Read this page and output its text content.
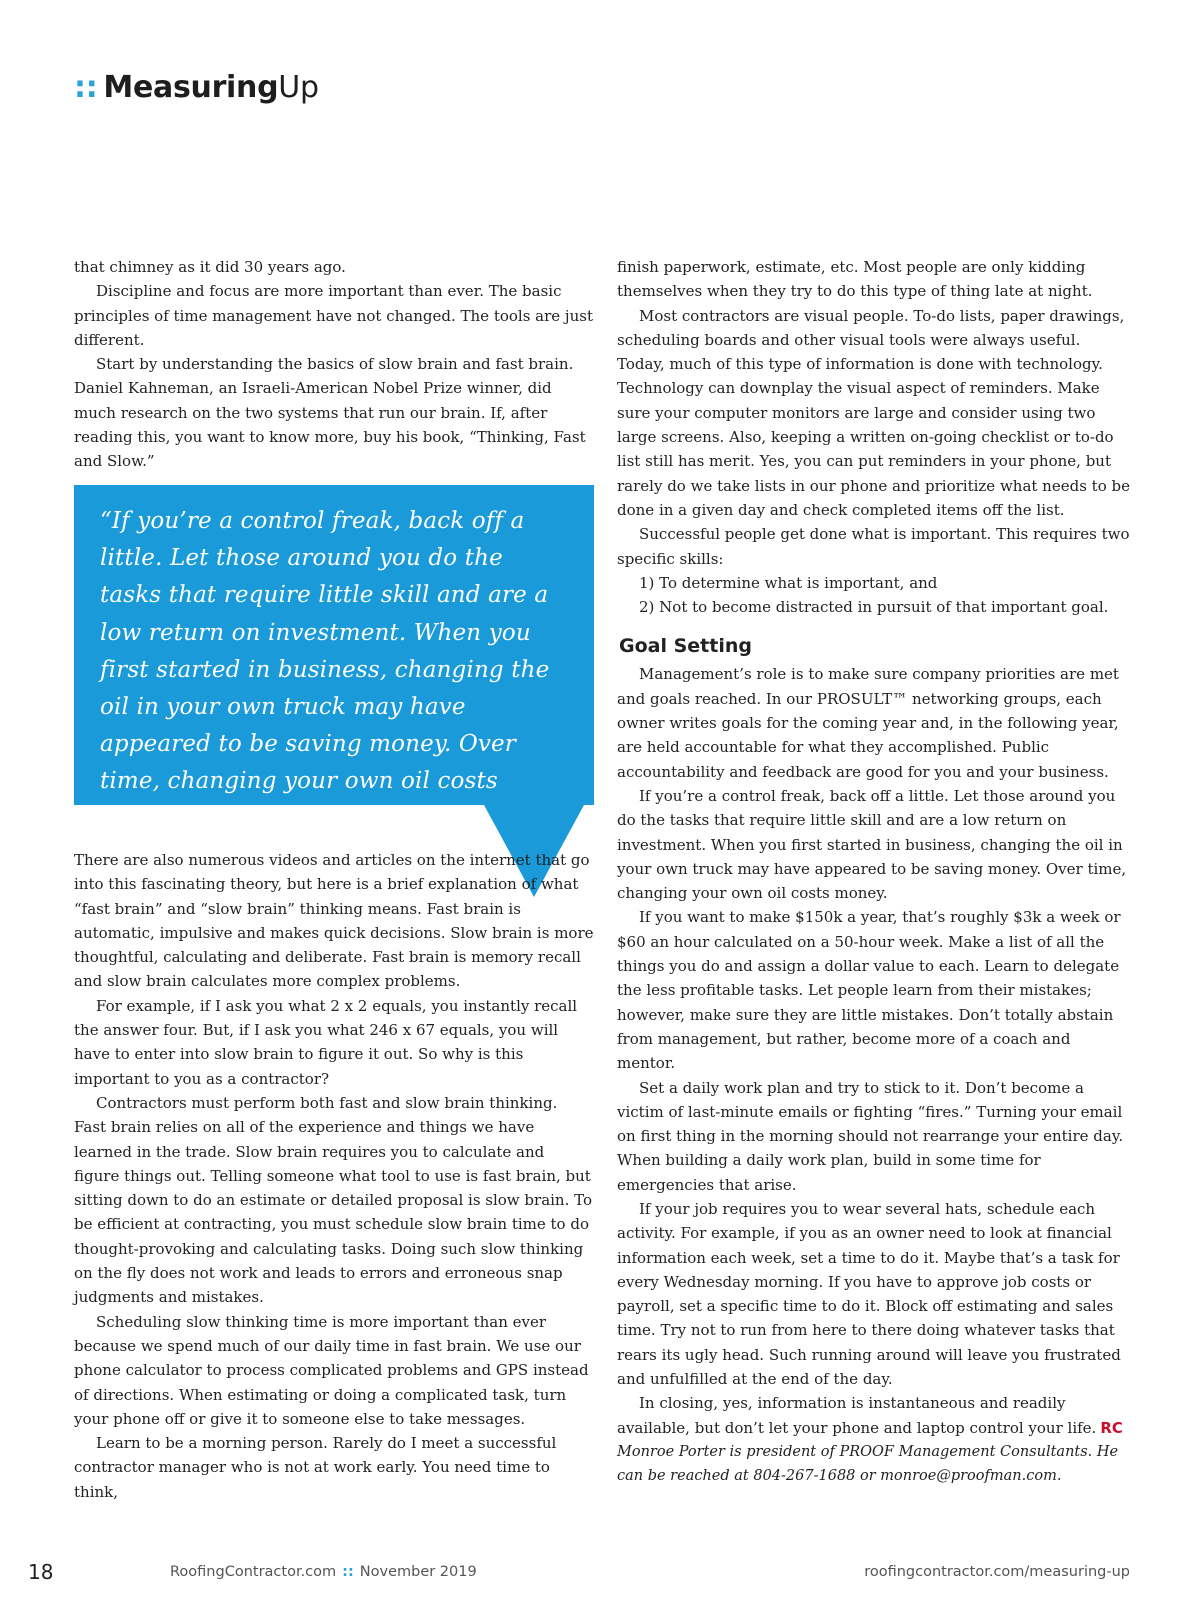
:: MeasuringUp

that chimney as it did 30 years ago.

Discipline and focus are more important than ever. The basic principles of time management have not changed. The tools are just different.

Start by understanding the basics of slow brain and fast brain. Daniel Kahneman, an Israeli-American Nobel Prize winner, did much research on the two systems that run our brain. If, after reading this, you want to know more, buy his book, “Thinking, Fast and Slow.”

“If you’re a control freak, back off a little. Let those around you do the tasks that require little skill and are a low return on investment. When you first started in business, changing the oil in your own truck may have appeared to be saving money. Over time, changing your own oil costs money.”

There are also numerous videos and articles on the internet that go into this fascinating theory, but here is a brief explanation of what “fast brain” and “slow brain” thinking means. Fast brain is automatic, impulsive and makes quick decisions. Slow brain is more thoughtful, calculating and deliberate. Fast brain is memory recall and slow brain calculates more complex problems.

For example, if I ask you what 2 x 2 equals, you instantly recall the answer four. But, if I ask you what 246 x 67 equals, you will have to enter into slow brain to figure it out. So why is this important to you as a contractor?

Contractors must perform both fast and slow brain thinking. Fast brain relies on all of the experience and things we have learned in the trade. Slow brain requires you to calculate and figure things out. Telling someone what tool to use is fast brain, but sitting down to do an estimate or detailed proposal is slow brain. To be efficient at contracting, you must schedule slow brain time to do thought-provoking and calculating tasks. Doing such slow thinking on the fly does not work and leads to errors and erroneous snap judgments and mistakes.

Scheduling slow thinking time is more important than ever because we spend much of our daily time in fast brain. We use our phone calculator to process complicated problems and GPS instead of directions. When estimating or doing a complicated task, turn your phone off or give it to someone else to take messages.

Learn to be a morning person. Rarely do I meet a successful contractor manager who is not at work early. You need time to think,

finish paperwork, estimate, etc. Most people are only kidding themselves when they try to do this type of thing late at night.

Most contractors are visual people. To-do lists, paper drawings, scheduling boards and other visual tools were always useful. Today, much of this type of information is done with technology. Technology can downplay the visual aspect of reminders. Make sure your computer monitors are large and consider using two large screens. Also, keeping a written on-going checklist or to-do list still has merit. Yes, you can put reminders in your phone, but rarely do we take lists in our phone and prioritize what needs to be done in a given day and check completed items off the list.

Successful people get done what is important. This requires two specific skills:

1) To determine what is important, and

2) Not to become distracted in pursuit of that important goal.

Goal Setting

Management’s role is to make sure company priorities are met and goals reached. In our PROSULT™ networking groups, each owner writes goals for the coming year and, in the following year, are held accountable for what they accomplished. Public accountability and feedback are good for you and your business.

If you’re a control freak, back off a little. Let those around you do the tasks that require little skill and are a low return on investment. When you first started in business, changing the oil in your own truck may have appeared to be saving money. Over time, changing your own oil costs money.

If you want to make $150k a year, that’s roughly $3k a week or $60 an hour calculated on a 50-hour week. Make a list of all the things you do and assign a dollar value to each. Learn to delegate the less profitable tasks. Let people learn from their mistakes; however, make sure they are little mistakes. Don’t totally abstain from management, but rather, become more of a coach and mentor.

Set a daily work plan and try to stick to it. Don’t become a victim of last-minute emails or fighting “fires.” Turning your email on first thing in the morning should not rearrange your entire day. When building a daily work plan, build in some time for emergencies that arise.

If your job requires you to wear several hats, schedule each activity. For example, if you as an owner need to look at financial information each week, set a time to do it. Maybe that’s a task for every Wednesday morning. If you have to approve job costs or payroll, set a specific time to do it. Block off estimating and sales time. Try not to run from here to there doing whatever tasks that rears its ugly head. Such running around will leave you frustrated and unfulfilled at the end of the day.

In closing, yes, information is instantaneous and readily available, but don’t let your phone and laptop control your life. RC

Monroe Porter is president of PROOF Management Consultants. He can be reached at 804-267-1688 or monroe@proofman.com.

18	RoofingContractor.com :: November 2019	roofingcontractor.com/measuring-up
